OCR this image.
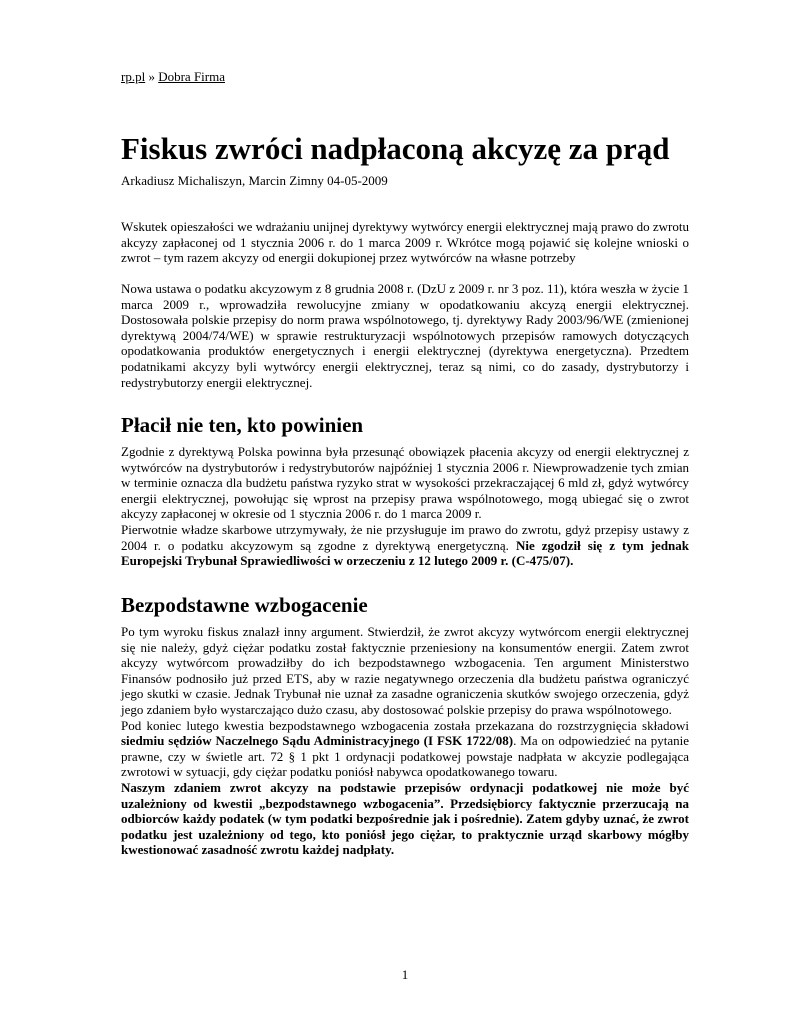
rp.pl » Dobra Firma
Fiskus zwróci nadpłaconą akcyzę za prąd
Arkadiusz Michaliszyn, Marcin Zimny 04-05-2009

Wskutek opieszałości we wdrażaniu unijnej dyrektywy wytwórcy energii elektrycznej mają prawo do zwrotu akcyzy zapłaconej od 1 stycznia 2006 r. do 1 marca 2009 r. Wkrótce mogą pojawić się kolejne wnioski o zwrot – tym razem akcyzy od energii dokupionej przez wytwórców na własne potrzeby

Nowa ustawa o podatku akcyzowym z 8 grudnia 2008 r. (DzU z 2009 r. nr 3 poz. 11), która weszła w życie 1 marca 2009 r., wprowadziła rewolucyjne zmiany w opodatkowaniu akcyzą energii elektrycznej. Dostosowała polskie przepisy do norm prawa wspólnotowego, tj. dyrektywy Rady 2003/96/WE (zmienionej dyrektywą 2004/74/WE) w sprawie restrukturyzacji wspólnotowych przepisów ramowych dotyczących opodatkowania produktów energetycznych i energii elektrycznej (dyrektywa energetyczna). Przedtem podatnikami akcyzy byli wytwórcy energii elektrycznej, teraz są nimi, co do zasady, dystrybutorzy i redystrybutorzy energii elektrycznej.

Płacił nie ten, kto powinien

Zgodnie z dyrektywą Polska powinna była przesunąć obowiązek płacenia akcyzy od energii elektrycznej z wytwórców na dystrybutorów i redystrybutorów najpóźniej 1 stycznia 2006 r. Niewprowadzenie tych zmian w terminie oznacza dla budżetu państwa ryzyko strat w wysokości przekraczającej 6 mld zł, gdyż wytwórcy energii elektrycznej, powołując się wprost na przepisy prawa wspólnotowego, mogą ubiegać się o zwrot akcyzy zapłaconej w okresie od 1 stycznia 2006 r. do 1 marca 2009 r.

Pierwotnie władze skarbowe utrzymywały, że nie przysługuje im prawo do zwrotu, gdyż przepisy ustawy z 2004 r. o podatku akcyzowym są zgodne z dyrektywą energetyczną. Nie zgodził się z tym jednak Europejski Trybunał Sprawiedliwości w orzeczeniu z 12 lutego 2009 r. (C-475/07).

Bezpodstawne wzbogacenie

Po tym wyroku fiskus znalazł inny argument. Stwierdził, że zwrot akcyzy wytwórcom energii elektrycznej się nie należy, gdyż ciężar podatku został faktycznie przeniesiony na konsumentów energii. Zatem zwrot akcyzy wytwórcom prowadziłby do ich bezpodstawnego wzbogacenia. Ten argument Ministerstwo Finansów podnosiło już przed ETS, aby w razie negatywnego orzeczenia dla budżetu państwa ograniczyć jego skutki w czasie. Jednak Trybunał nie uznał za zasadne ograniczenia skutków swojego orzeczenia, gdyż jego zdaniem było wystarczająco dużo czasu, aby dostosować polskie przepisy do prawa wspólnotowego.

Pod koniec lutego kwestia bezpodstawnego wzbogacenia została przekazana do rozstrzygnięcia składowi siedmiu sędziów Naczelnego Sądu Administracyjnego (I FSK 1722/08). Ma on odpowiedzieć na pytanie prawne, czy w świetle art. 72 § 1 pkt 1 ordynacji podatkowej powstaje nadpłata w akcyzie podlegająca zwrotowi w sytuacji, gdy ciężar podatku poniósł nabywca opodatkowanego towaru.

Naszym zdaniem zwrot akcyzy na podstawie przepisów ordynacji podatkowej nie może być uzależniony od kwestii „bezpodstawnego wzbogacenia”. Przedsiębiorcy faktycznie przerzucają na odbiorców każdy podatek (w tym podatki bezpośrednie jak i pośrednie). Zatem gdyby uznać, że zwrot podatku jest uzależniony od tego, kto poniósł jego ciężar, to praktycznie urząd skarbowy mógłby kwestionować zasadność zwrotu każdej nadpłaty.

1
